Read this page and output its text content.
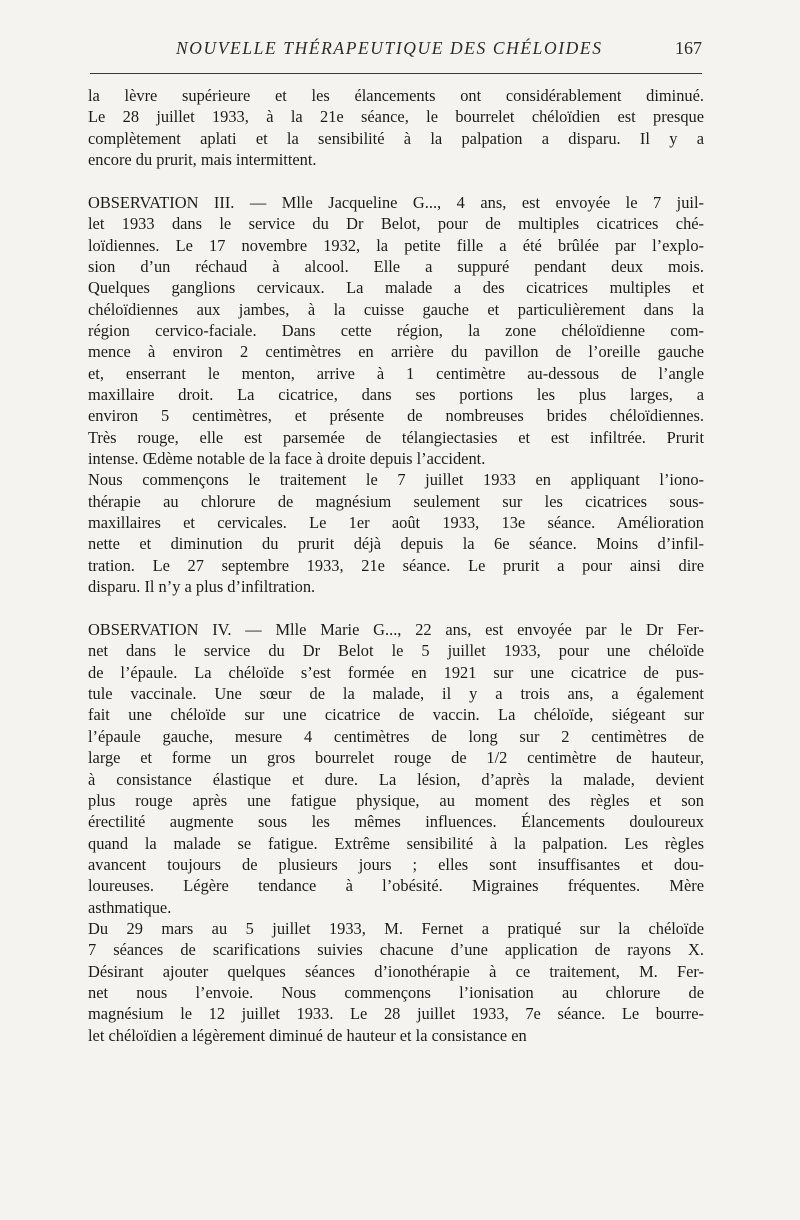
NOUVELLE THÉRAPEUTIQUE DES CHÉLOIDES	167
la lèvre supérieure et les élancements ont considérablement diminué.
Le 28 juillet 1933, à la 21e séance, le bourrelet chéloïdien est presque
complètement aplati et la sensibilité à la palpation a disparu. Il y a
encore du prurit, mais intermittent.
OBSERVATION III. — Mlle Jacqueline G..., 4 ans, est envoyée le 7 juil-
let 1933 dans le service du Dr Belot, pour de multiples cicatrices ché-
loïdiennes. Le 17 novembre 1932, la petite fille a été brûlée par l’explo-
sion d’un réchaud à alcool. Elle a suppuré pendant deux mois.
Quelques ganglions cervicaux. La malade a des cicatrices multiples et
chéloïdiennes aux jambes, à la cuisse gauche et particulièrement dans la
région cervico-faciale. Dans cette région, la zone chéloïdienne com-
mence à environ 2 centimètres en arrière du pavillon de l’oreille gauche
et, enserrant le menton, arrive à 1 centimètre au-dessous de l’angle
maxillaire droit. La cicatrice, dans ses portions les plus larges, a
environ 5 centimètres, et présente de nombreuses brides chéloïdiennes.
Très rouge, elle est parsemée de télangiectasies et est infiltrée. Prurit
intense. Œdème notable de la face à droite depuis l’accident.
Nous commençons le traitement le 7 juillet 1933 en appliquant l’iono-
thérapie au chlorure de magnésium seulement sur les cicatrices sous-
maxillaires et cervicales. Le 1er août 1933, 13e séance. Amélioration
nette et diminution du prurit déjà depuis la 6e séance. Moins d’infil-
tration. Le 27 septembre 1933, 21e séance. Le prurit a pour ainsi dire
disparu. Il n’y a plus d’infiltration.
OBSERVATION IV. — Mlle Marie G..., 22 ans, est envoyée par le Dr Fer-
net dans le service du Dr Belot le 5 juillet 1933, pour une chéloïde
de l’épaule. La chéloïde s’est formée en 1921 sur une cicatrice de pus-
tule vaccinale. Une sœur de la malade, il y a trois ans, a également
fait une chéloïde sur une cicatrice de vaccin. La chéloïde, siégeant sur
l’épaule gauche, mesure 4 centimètres de long sur 2 centimètres de
large et forme un gros bourrelet rouge de 1/2 centimètre de hauteur,
à consistance élastique et dure. La lésion, d’après la malade, devient
plus rouge après une fatigue physique, au moment des règles et son
érectilité augmente sous les mêmes influences. Élancements douloureux
quand la malade se fatigue. Extrême sensibilité à la palpation. Les règles
avancent toujours de plusieurs jours ; elles sont insuffisantes et dou-
loureuses. Légère tendance à l’obésité. Migraines fréquentes. Mère
asthmatique.
Du 29 mars au 5 juillet 1933, M. Fernet a pratiqué sur la chéloïde
7 séances de scarifications suivies chacune d’une application de rayons X.
Désirant ajouter quelques séances d’ionothérapie à ce traitement, M. Fer-
net nous l’envoie. Nous commençons l’ionisation au chlorure de
magnésium le 12 juillet 1933. Le 28 juillet 1933, 7e séance. Le bourre-
let chéloïdien a légèrement diminué de hauteur et la consistance en
